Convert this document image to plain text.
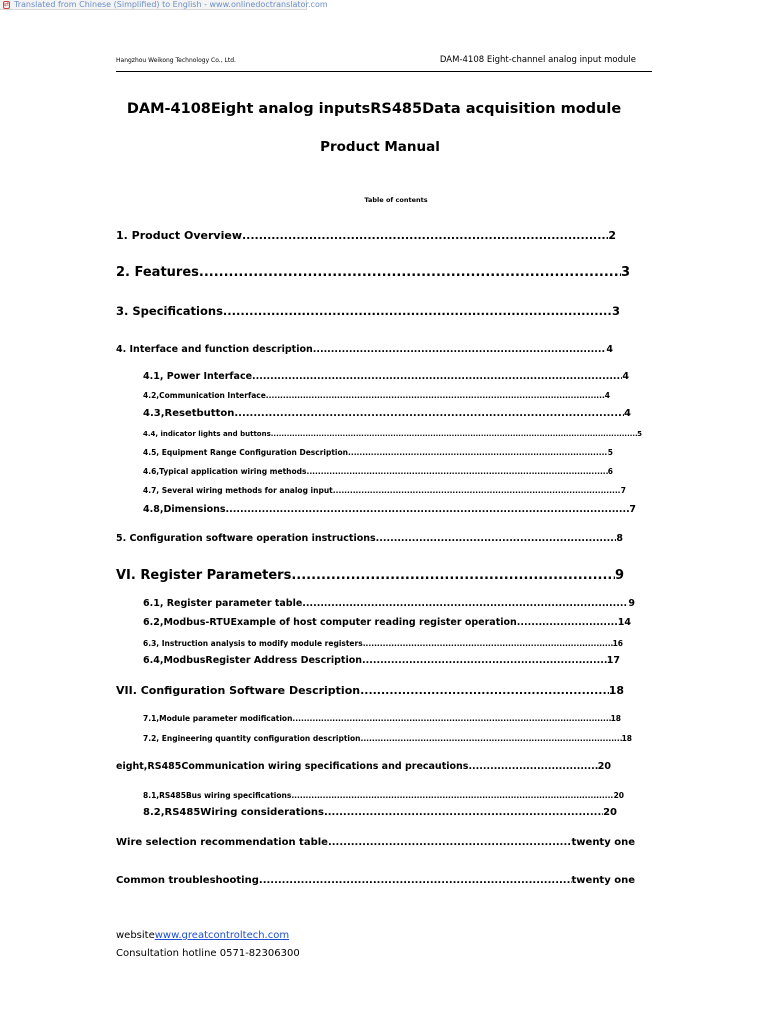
⇄ Translated from Chinese (Simplified) to English - www.onlinedoctranslator.com
Hangzhou Weikong Technology Co., Ltd.	DAM-4108 Eight-channel analog input module
DAM-4108Eight analog inputsRS485Data acquisition module
Product Manual
Table of contents
1. Product Overview .....	2
2. Features .....	3
3. Specifications .....	3
4. Interface and function description .....	4
4.1, Power Interface .....	4
4.2,Communication Interface .....	4
4.3,Resetbutton .....	4
4.4, indicator lights and buttons .....	5
4.5, Equipment Range Configuration Description .....	5
4.6,Typical application wiring methods .....	6
4.7, Several wiring methods for analog input .....	7
4.8,Dimensions .....	7
5. Configuration software operation instructions .....	8
VI. Register Parameters .....	9
6.1, Register parameter table .....	9
6.2,Modbus-RTUExample of host computer reading register operation .....	14
6.3, Instruction analysis to modify module registers .....	16
6.4,ModbusRegister Address Description .....	17
VII. Configuration Software Description .....	18
7.1,Module parameter modification .....	18
7.2, Engineering quantity configuration description .....	18
eight,RS485Communication wiring specifications and precautions .....	20
8.1,RS485Bus wiring specifications .....	20
8.2,RS485Wiring considerations .....	20
Wire selection recommendation table .....	twenty one
Common troubleshooting .....	twenty one
websitewww.greatcontroltech.com
Consultation hotline 0571-82306300
